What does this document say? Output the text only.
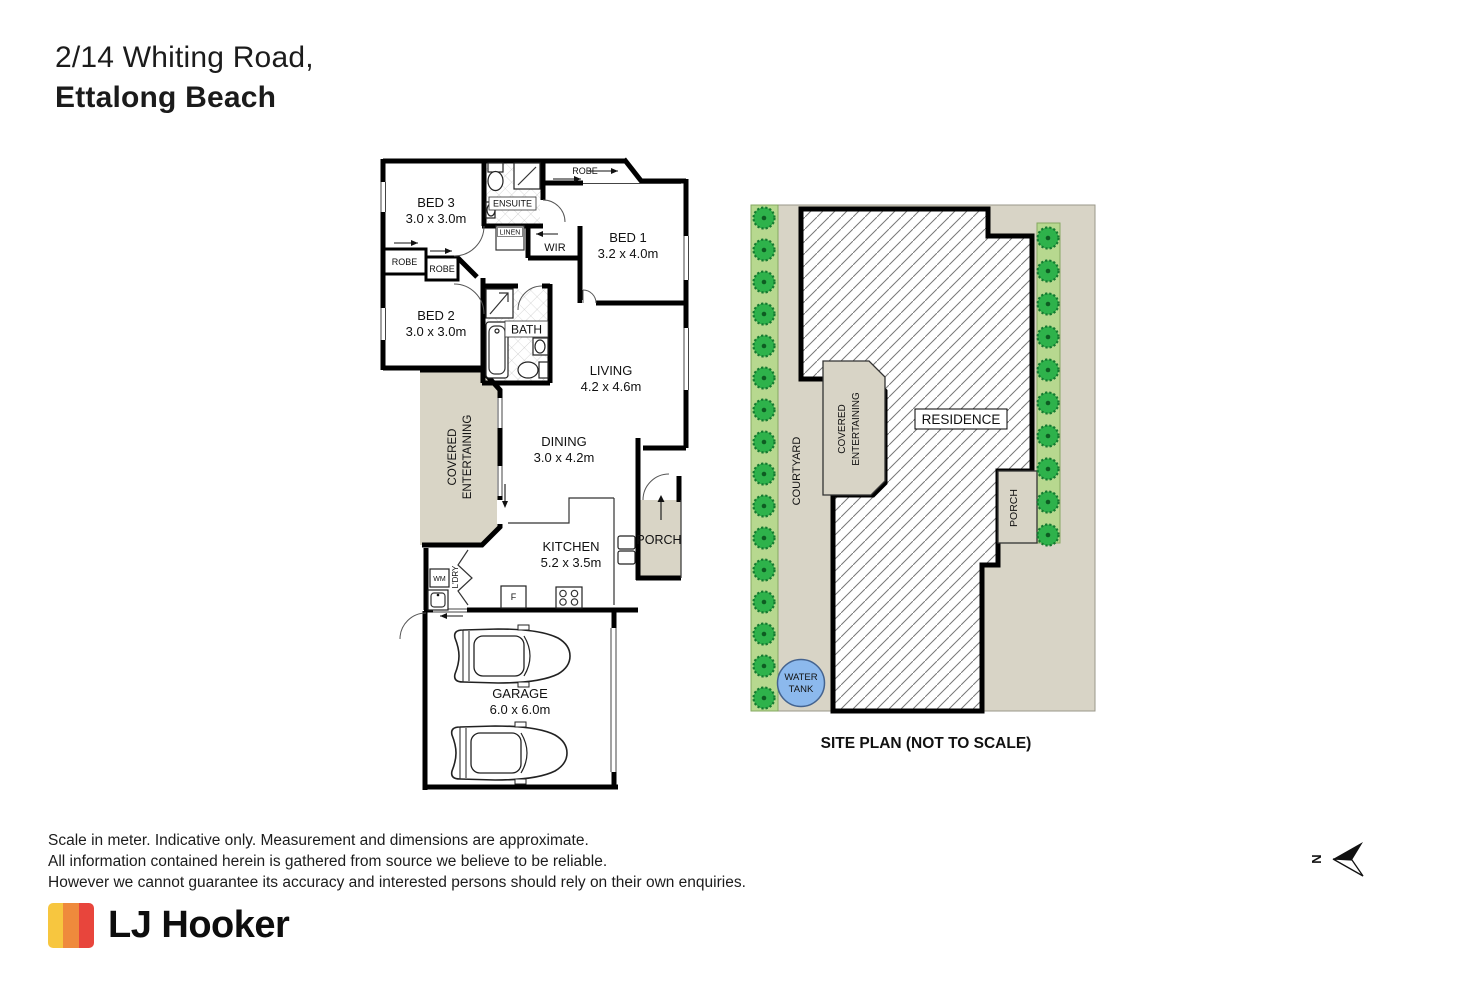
2/14 Whiting Road,
Ettalong Beach
ENSUITE
BATH
F
WM
LINEN
BED 3
3.0 x 3.0m
ROBE
BED 1
3.2 x 4.0m
WIR
ROBE
ROBE
BED 2
3.0 x 3.0m
LIVING
4.2 x 4.6m
DINING
3.0 x 4.2m
COVERED ENTERTAINING
KITCHEN
5.2 x 3.5m
PORCH
L'DRY
GARAGE
6.0 x 6.0m
WATER
TANK
RESIDENCE
COURTYARD
COVERED ENTERTAINING
PORCH
SITE PLAN (NOT TO SCALE)
Scale in meter. Indicative only. Measurement and dimensions are approximate.
All information contained herein is gathered from source we believe to be reliable.
However we cannot guarantee its accuracy and interested persons should rely on their own enquiries.
LJ Hooker
N
